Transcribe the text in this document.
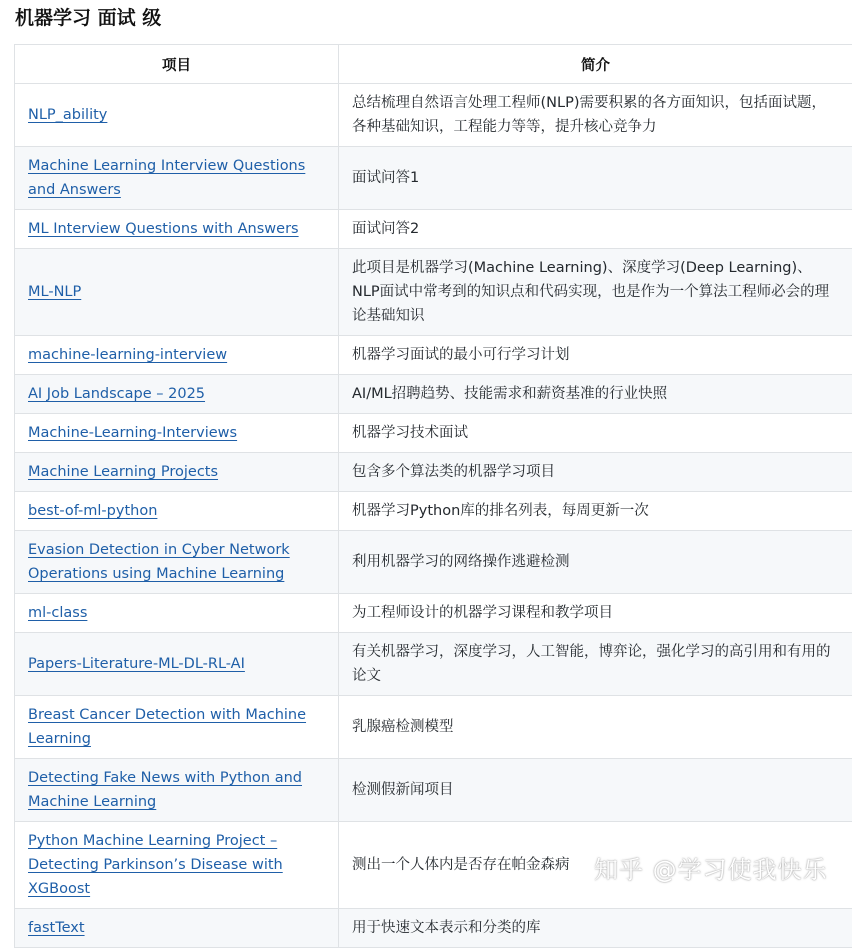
机器学习 面试 级
项目	简介
NLP_ability	总结梳理自然语言处理工程师(NLP)需要积累的各方面知识，包括面试题，各种基础知识，工程能力等等，提升核心竞争力
Machine Learning Interview Questions and Answers	面试问答1
ML Interview Questions with Answers	面试问答2
ML-NLP	此项目是机器学习(Machine Learning)、深度学习(Deep Learning)、NLP面试中常考到的知识点和代码实现，也是作为一个算法工程师必会的理论基础知识
machine-learning-interview	机器学习面试的最小可行学习计划
AI Job Landscape – 2025	AI/ML招聘趋势、技能需求和薪资基准的行业快照
Machine-Learning-Interviews	机器学习技术面试
Machine Learning Projects	包含多个算法类的机器学习项目
best-of-ml-python	机器学习Python库的排名列表，每周更新一次
Evasion Detection in Cyber Network Operations using Machine Learning	利用机器学习的网络操作逃避检测
ml-class	为工程师设计的机器学习课程和教学项目
Papers-Literature-ML-DL-RL-AI	有关机器学习，深度学习，人工智能，博弈论，强化学习的高引用和有用的论文
Breast Cancer Detection with Machine Learning	乳腺癌检测模型
Detecting Fake News with Python and Machine Learning	检测假新闻项目
Python Machine Learning Project – Detecting Parkinson’s Disease with XGBoost	测出一个人体内是否存在帕金森病
fastText	用于快速文本表示和分类的库
知乎 @学习使我快乐
